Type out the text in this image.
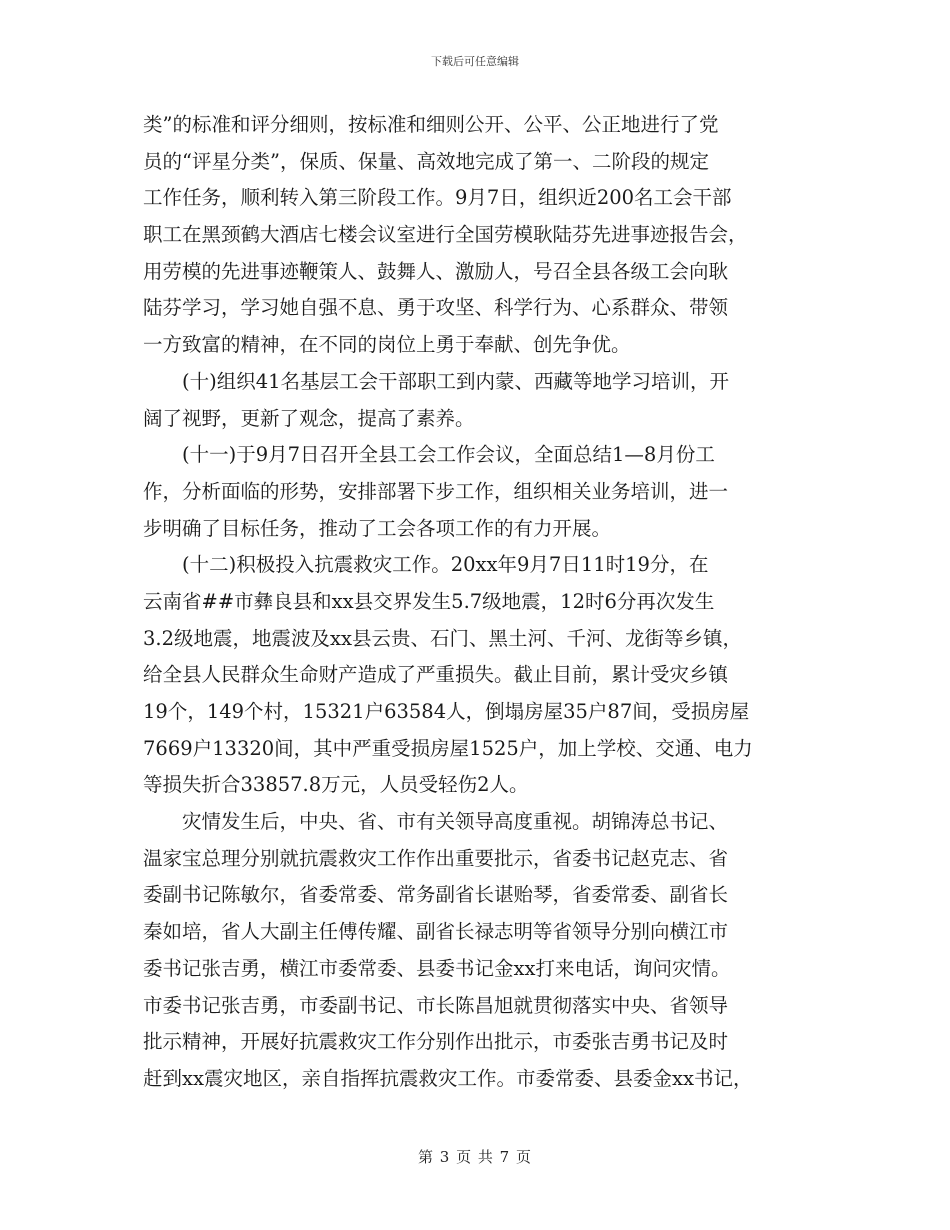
下载后可任意编辑
类”的标准和评分细则，按标准和细则公开、公平、公正地进行了党
员的“评星分类”，保质、保量、高效地完成了第一、二阶段的规定
工作任务，顺利转入第三阶段工作。9月7日，组织近200名工会干部
职工在黑颈鹤大酒店七楼会议室进行全国劳模耿陆芬先进事迹报告会，
用劳模的先进事迹鞭策人、鼓舞人、激励人，号召全县各级工会向耿
陆芬学习，学习她自强不息、勇于攻坚、科学行为、心系群众、带领
一方致富的精神，在不同的岗位上勇于奉献、创先争优。
(十)组织41名基层工会干部职工到内蒙、西藏等地学习培训，开
阔了视野，更新了观念，提高了素养。
(十一)于9月7日召开全县工会工作会议，全面总结1—8月份工
作，分析面临的形势，安排部署下步工作，组织相关业务培训，进一
步明确了目标任务，推动了工会各项工作的有力开展。
(十二)积极投入抗震救灾工作。20xx年9月7日11时19分，在
云南省##市彝良县和xx县交界发生5.7级地震，12时6分再次发生
3.2级地震，地震波及xx县云贵、石门、黑土河、千河、龙街等乡镇，
给全县人民群众生命财产造成了严重损失。截止目前，累计受灾乡镇
19个，149个村，15321户63584人，倒塌房屋35户87间，受损房屋
7669户13320间，其中严重受损房屋1525户，加上学校、交通、电力
等损失折合33857.8万元，人员受轻伤2人。
灾情发生后，中央、省、市有关领导高度重视。胡锦涛总书记、
温家宝总理分别就抗震救灾工作作出重要批示，省委书记赵克志、省
委副书记陈敏尔，省委常委、常务副省长谌贻琴，省委常委、副省长
秦如培，省人大副主任傅传耀、副省长禄志明等省领导分别向横江市
委书记张吉勇，横江市委常委、县委书记金xx打来电话，询问灾情。
市委书记张吉勇，市委副书记、市长陈昌旭就贯彻落实中央、省领导
批示精神，开展好抗震救灾工作分别作出批示，市委张吉勇书记及时
赶到xx震灾地区，亲自指挥抗震救灾工作。市委常委、县委金xx书记，
第 3 页 共 7 页
